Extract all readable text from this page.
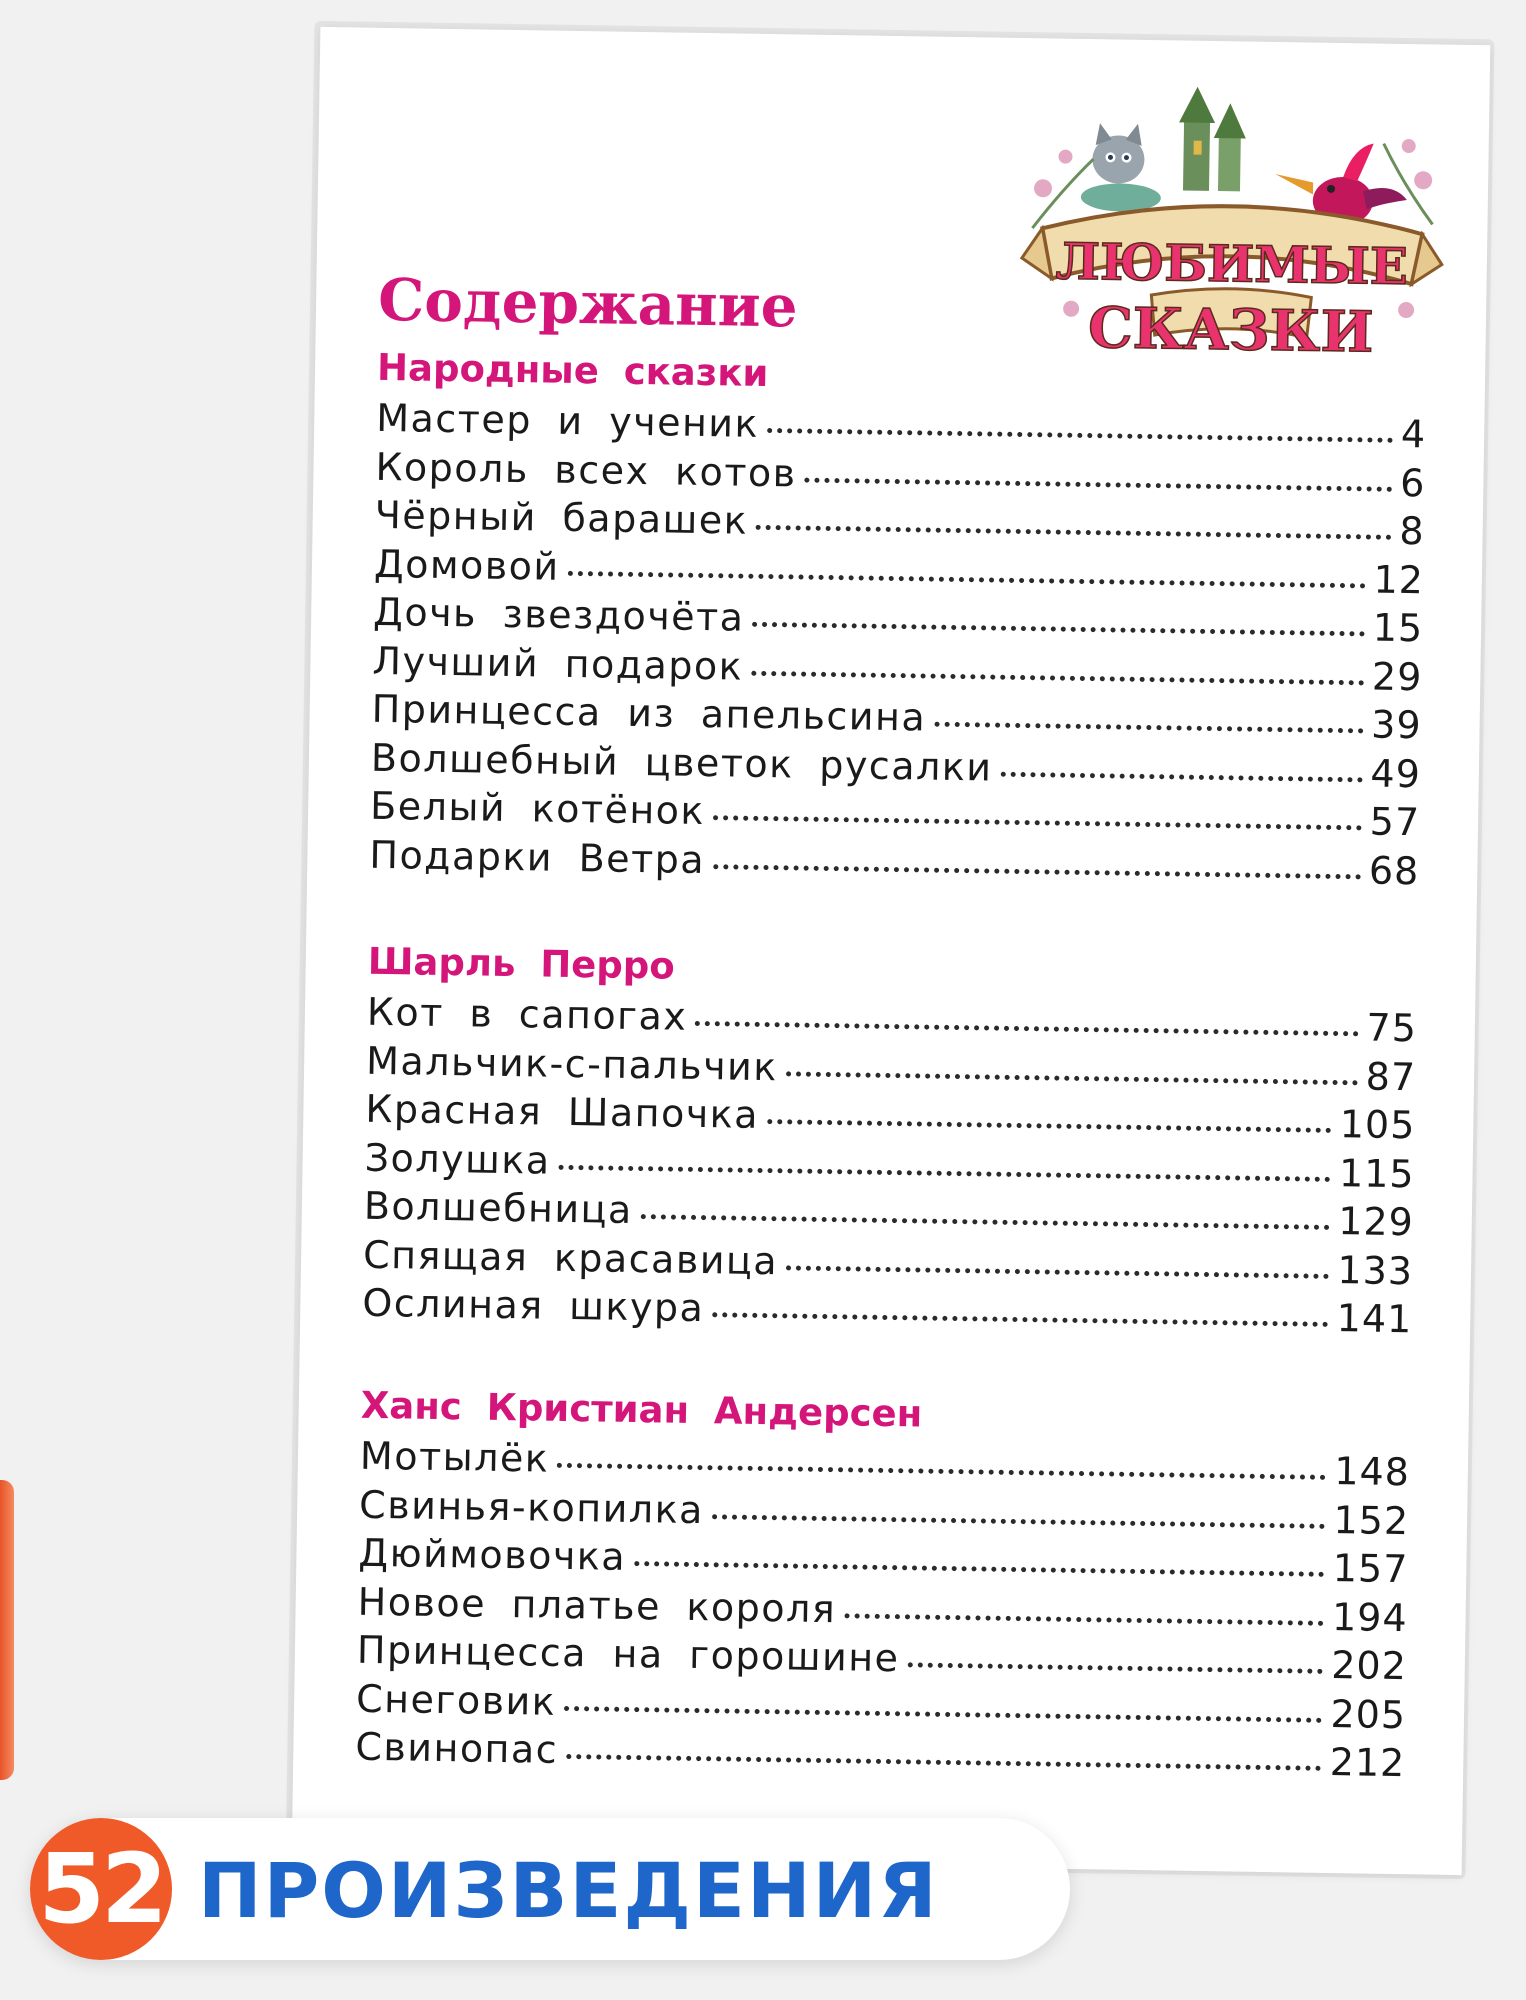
ЛЮБИМЫЕ
СКАЗКИ
Содержание
Народные сказки
Мастер и ученик	4
Король всех котов	6
Чёрный барашек	8
Домовой	12
Дочь звездочёта	15
Лучший подарок	29
Принцесса из апельсина	39
Волшебный цветок русалки	49
Белый котёнок	57
Подарки Ветра	68
Шарль Перро
Кот в сапогах	75
Мальчик-с-пальчик	87
Красная Шапочка	105
Золушка	115
Волшебница	129
Спящая красавица	133
Ослиная шкура	141
Ханс Кристиан Андерсен
Мотылёк	148
Свинья-копилка	152
Дюймовочка	157
Новое платье короля	194
Принцесса на горошине	202
Снеговик	205
Свинопас	212
52 ПРОИЗВЕДЕНИЯ
